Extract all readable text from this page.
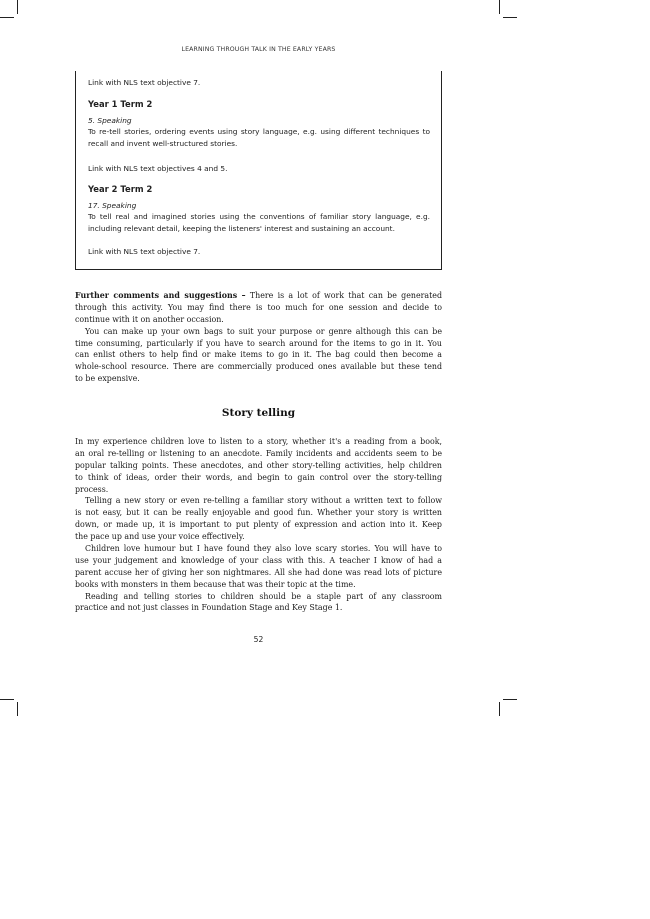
LEARNING THROUGH TALK IN THE EARLY YEARS
Link with NLS text objective 7.
Year 1 Term 2
5. Speaking
To re-tell stories, ordering events using story language, e.g. using different techniques to
recall and invent well-structured stories.
Link with NLS text objectives 4 and 5.
Year 2 Term 2
17. Speaking
To tell real and imagined stories using the conventions of familiar story language, e.g.
including relevant detail, keeping the listeners' interest and sustaining an account.
Link with NLS text objective 7.
Further comments and suggestions – There is a lot of work that can be generated
through this activity. You may find there is too much for one session and decide to
continue with it on another occasion.
You can make up your own bags to suit your purpose or genre although this can be
time consuming, particularly if you have to search around for the items to go in it. You
can enlist others to help find or make items to go in it. The bag could then become a
whole-school resource. There are commercially produced ones available but these tend
to be expensive.
Story telling
In my experience children love to listen to a story, whether it's a reading from a book,
an oral re-telling or listening to an anecdote. Family incidents and accidents seem to be
popular talking points. These anecdotes, and other story-telling activities, help children
to think of ideas, order their words, and begin to gain control over the story-telling
process.
Telling a new story or even re-telling a familiar story without a written text to follow
is not easy, but it can be really enjoyable and good fun. Whether your story is written
down, or made up, it is important to put plenty of expression and action into it. Keep
the pace up and use your voice effectively.
Children love humour but I have found they also love scary stories. You will have to
use your judgement and knowledge of your class with this. A teacher I know of had a
parent accuse her of giving her son nightmares. All she had done was read lots of picture
books with monsters in them because that was their topic at the time.
Reading and telling stories to children should be a staple part of any classroom
practice and not just classes in Foundation Stage and Key Stage 1.
52
